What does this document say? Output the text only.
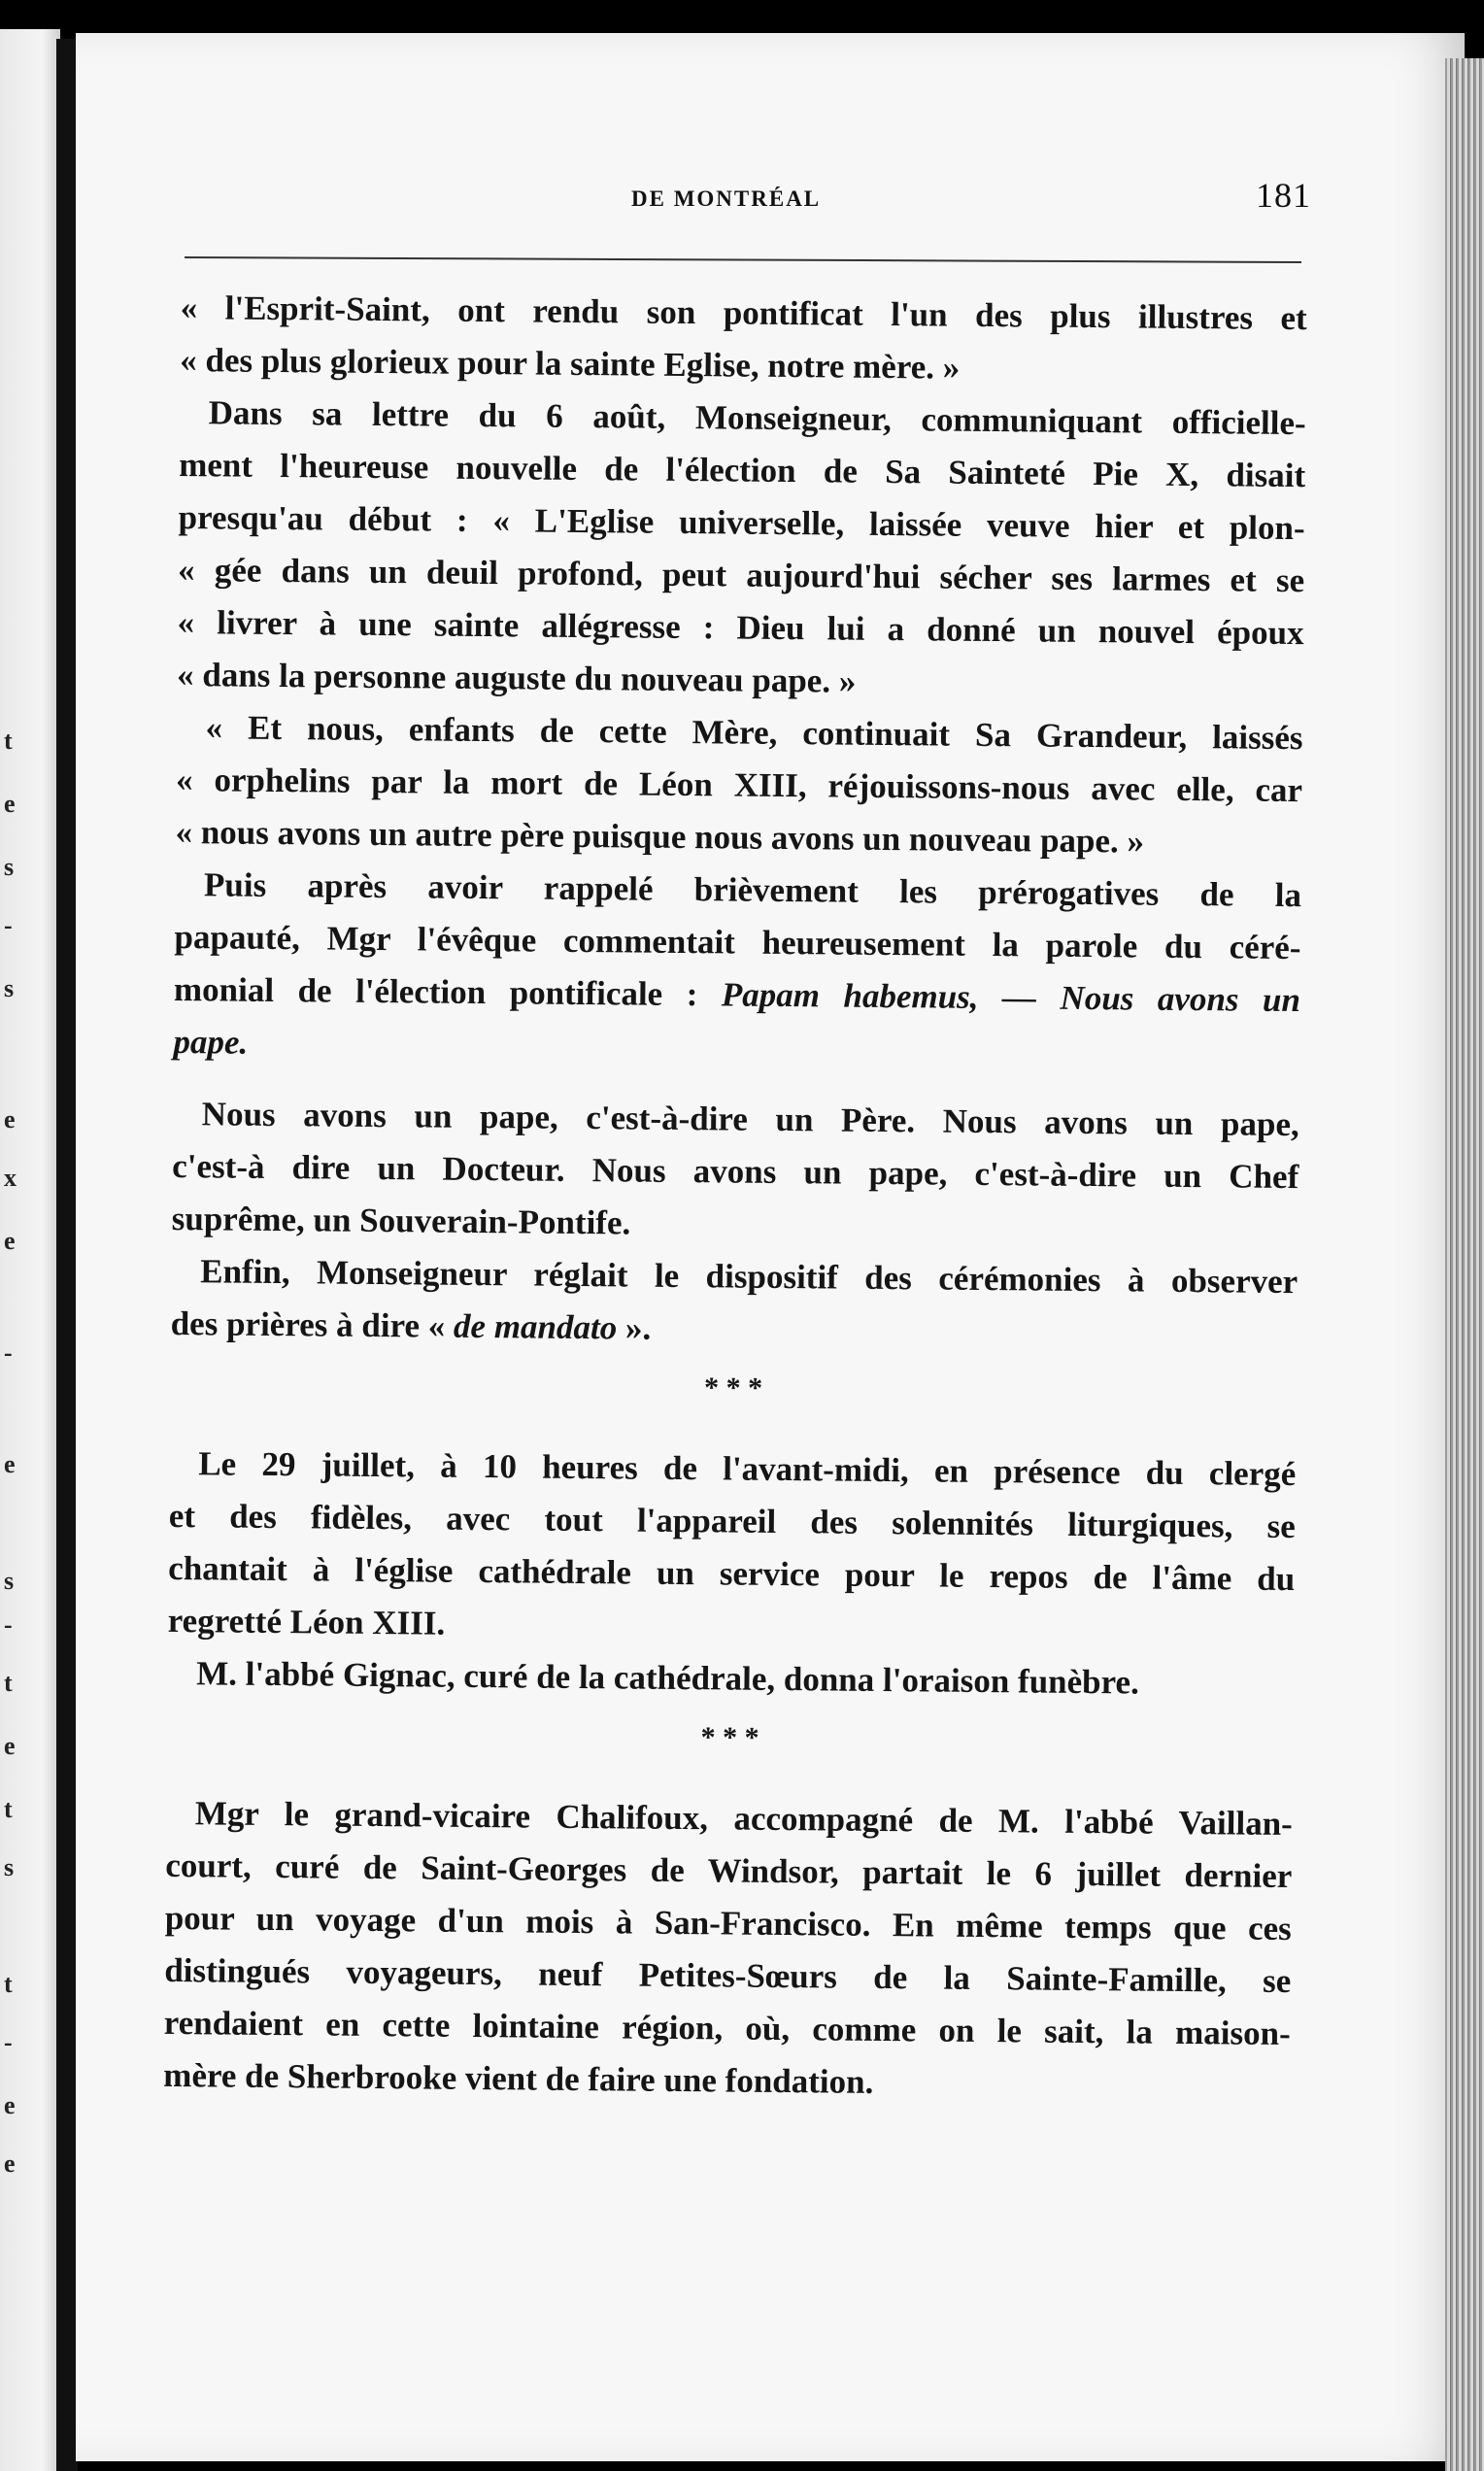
t
e
s
-
s
e
x
e
-
e
s
-
t
e
t
s
t
-
e
e
DE MONTRÉAL	181
« l'Esprit-Saint, ont rendu son pontificat l'un des plus illustres et
« des plus glorieux pour la sainte Eglise, notre mère. »
Dans sa lettre du 6 août, Monseigneur, communiquant officielle-
ment l'heureuse nouvelle de l'élection de Sa Sainteté Pie X, disait
presqu'au début : « L'Eglise universelle, laissée veuve hier et plon-
« gée dans un deuil profond, peut aujourd'hui sécher ses larmes et se
« livrer à une sainte allégresse : Dieu lui a donné un nouvel époux
« dans la personne auguste du nouveau pape. »
« Et nous, enfants de cette Mère, continuait Sa Grandeur, laissés
« orphelins par la mort de Léon XIII, réjouissons-nous avec elle, car
« nous avons un autre père puisque nous avons un nouveau pape. »
Puis après avoir rappelé brièvement les prérogatives de la
papauté, Mgr l'évêque commentait heureusement la parole du céré-
monial de l'élection pontificale : Papam habemus, — Nous avons un
pape.
Nous avons un pape, c'est-à-dire un Père. Nous avons un pape,
c'est-à dire un Docteur. Nous avons un pape, c'est-à-dire un Chef
suprême, un Souverain-Pontife.
Enfin, Monseigneur réglait le dispositif des cérémonies à observer
des prières à dire « de mandato ».
* * *
Le 29 juillet, à 10 heures de l'avant-midi, en présence du clergé
et des fidèles, avec tout l'appareil des solennités liturgiques, se
chantait à l'église cathédrale un service pour le repos de l'âme du
regretté Léon XIII.
M. l'abbé Gignac, curé de la cathédrale, donna l'oraison funèbre.
* * *
Mgr le grand-vicaire Chalifoux, accompagné de M. l'abbé Vaillan-
court, curé de Saint-Georges de Windsor, partait le 6 juillet dernier
pour un voyage d'un mois à San-Francisco. En même temps que ces
distingués voyageurs, neuf Petites-Sœurs de la Sainte-Famille, se
rendaient en cette lointaine région, où, comme on le sait, la maison-
mère de Sherbrooke vient de faire une fondation.
